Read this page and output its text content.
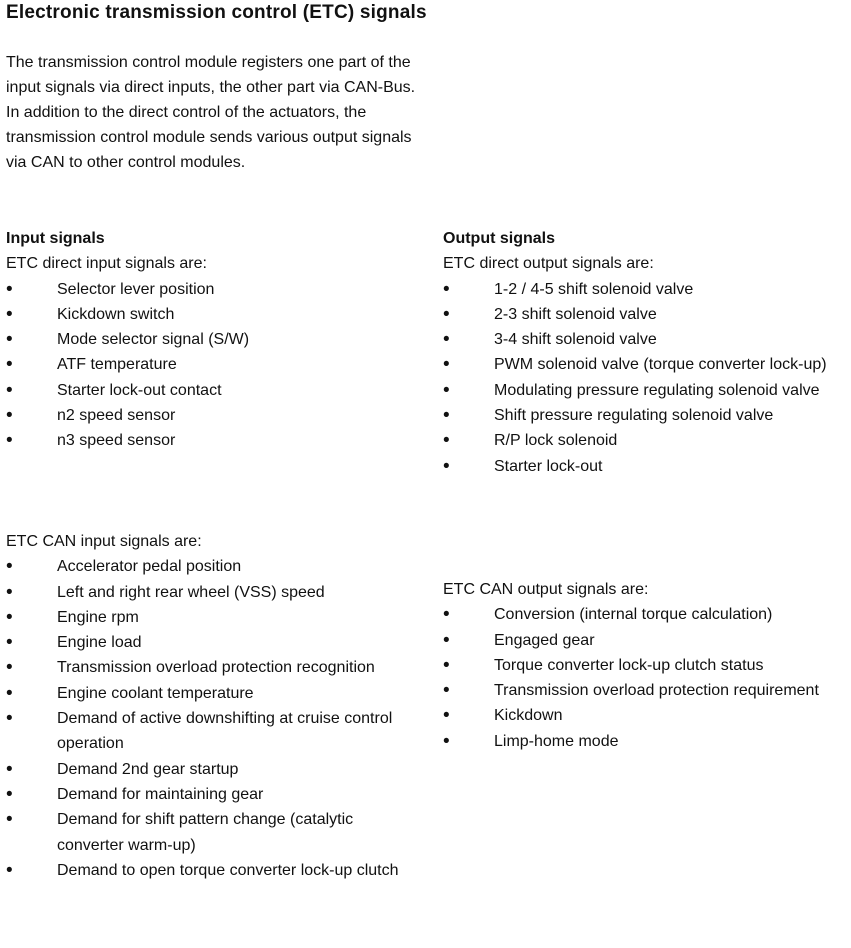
Electronic transmission control (ETC) signals
The transmission control module registers one part of the input signals via direct inputs, the other part via CAN-Bus. In addition to the direct control of the actuators, the transmission control module sends various output signals via CAN to other control modules.
Input signals
ETC direct input signals are:
• Selector lever position
• Kickdown switch
• Mode selector signal (S/W)
• ATF temperature
• Starter lock-out contact
• n2 speed sensor
• n3 speed sensor
ETC CAN input signals are:
• Accelerator pedal position
• Left and right rear wheel (VSS) speed
• Engine rpm
• Engine load
• Transmission overload protection recognition
• Engine coolant temperature
• Demand of active downshifting at cruise control operation
• Demand 2nd gear startup
• Demand for maintaining gear
• Demand for shift pattern change (catalytic converter warm-up)
• Demand to open torque converter lock-up clutch
Output signals
ETC direct output signals are:
• 1-2 / 4-5 shift solenoid valve
• 2-3 shift solenoid valve
• 3-4 shift solenoid valve
• PWM solenoid valve (torque converter lock-up)
• Modulating pressure regulating solenoid valve
• Shift pressure regulating solenoid valve
• R/P lock solenoid
• Starter lock-out
ETC CAN output signals are:
• Conversion (internal torque calculation)
• Engaged gear
• Torque converter lock-up clutch status
• Transmission overload protection requirement
• Kickdown
• Limp-home mode
